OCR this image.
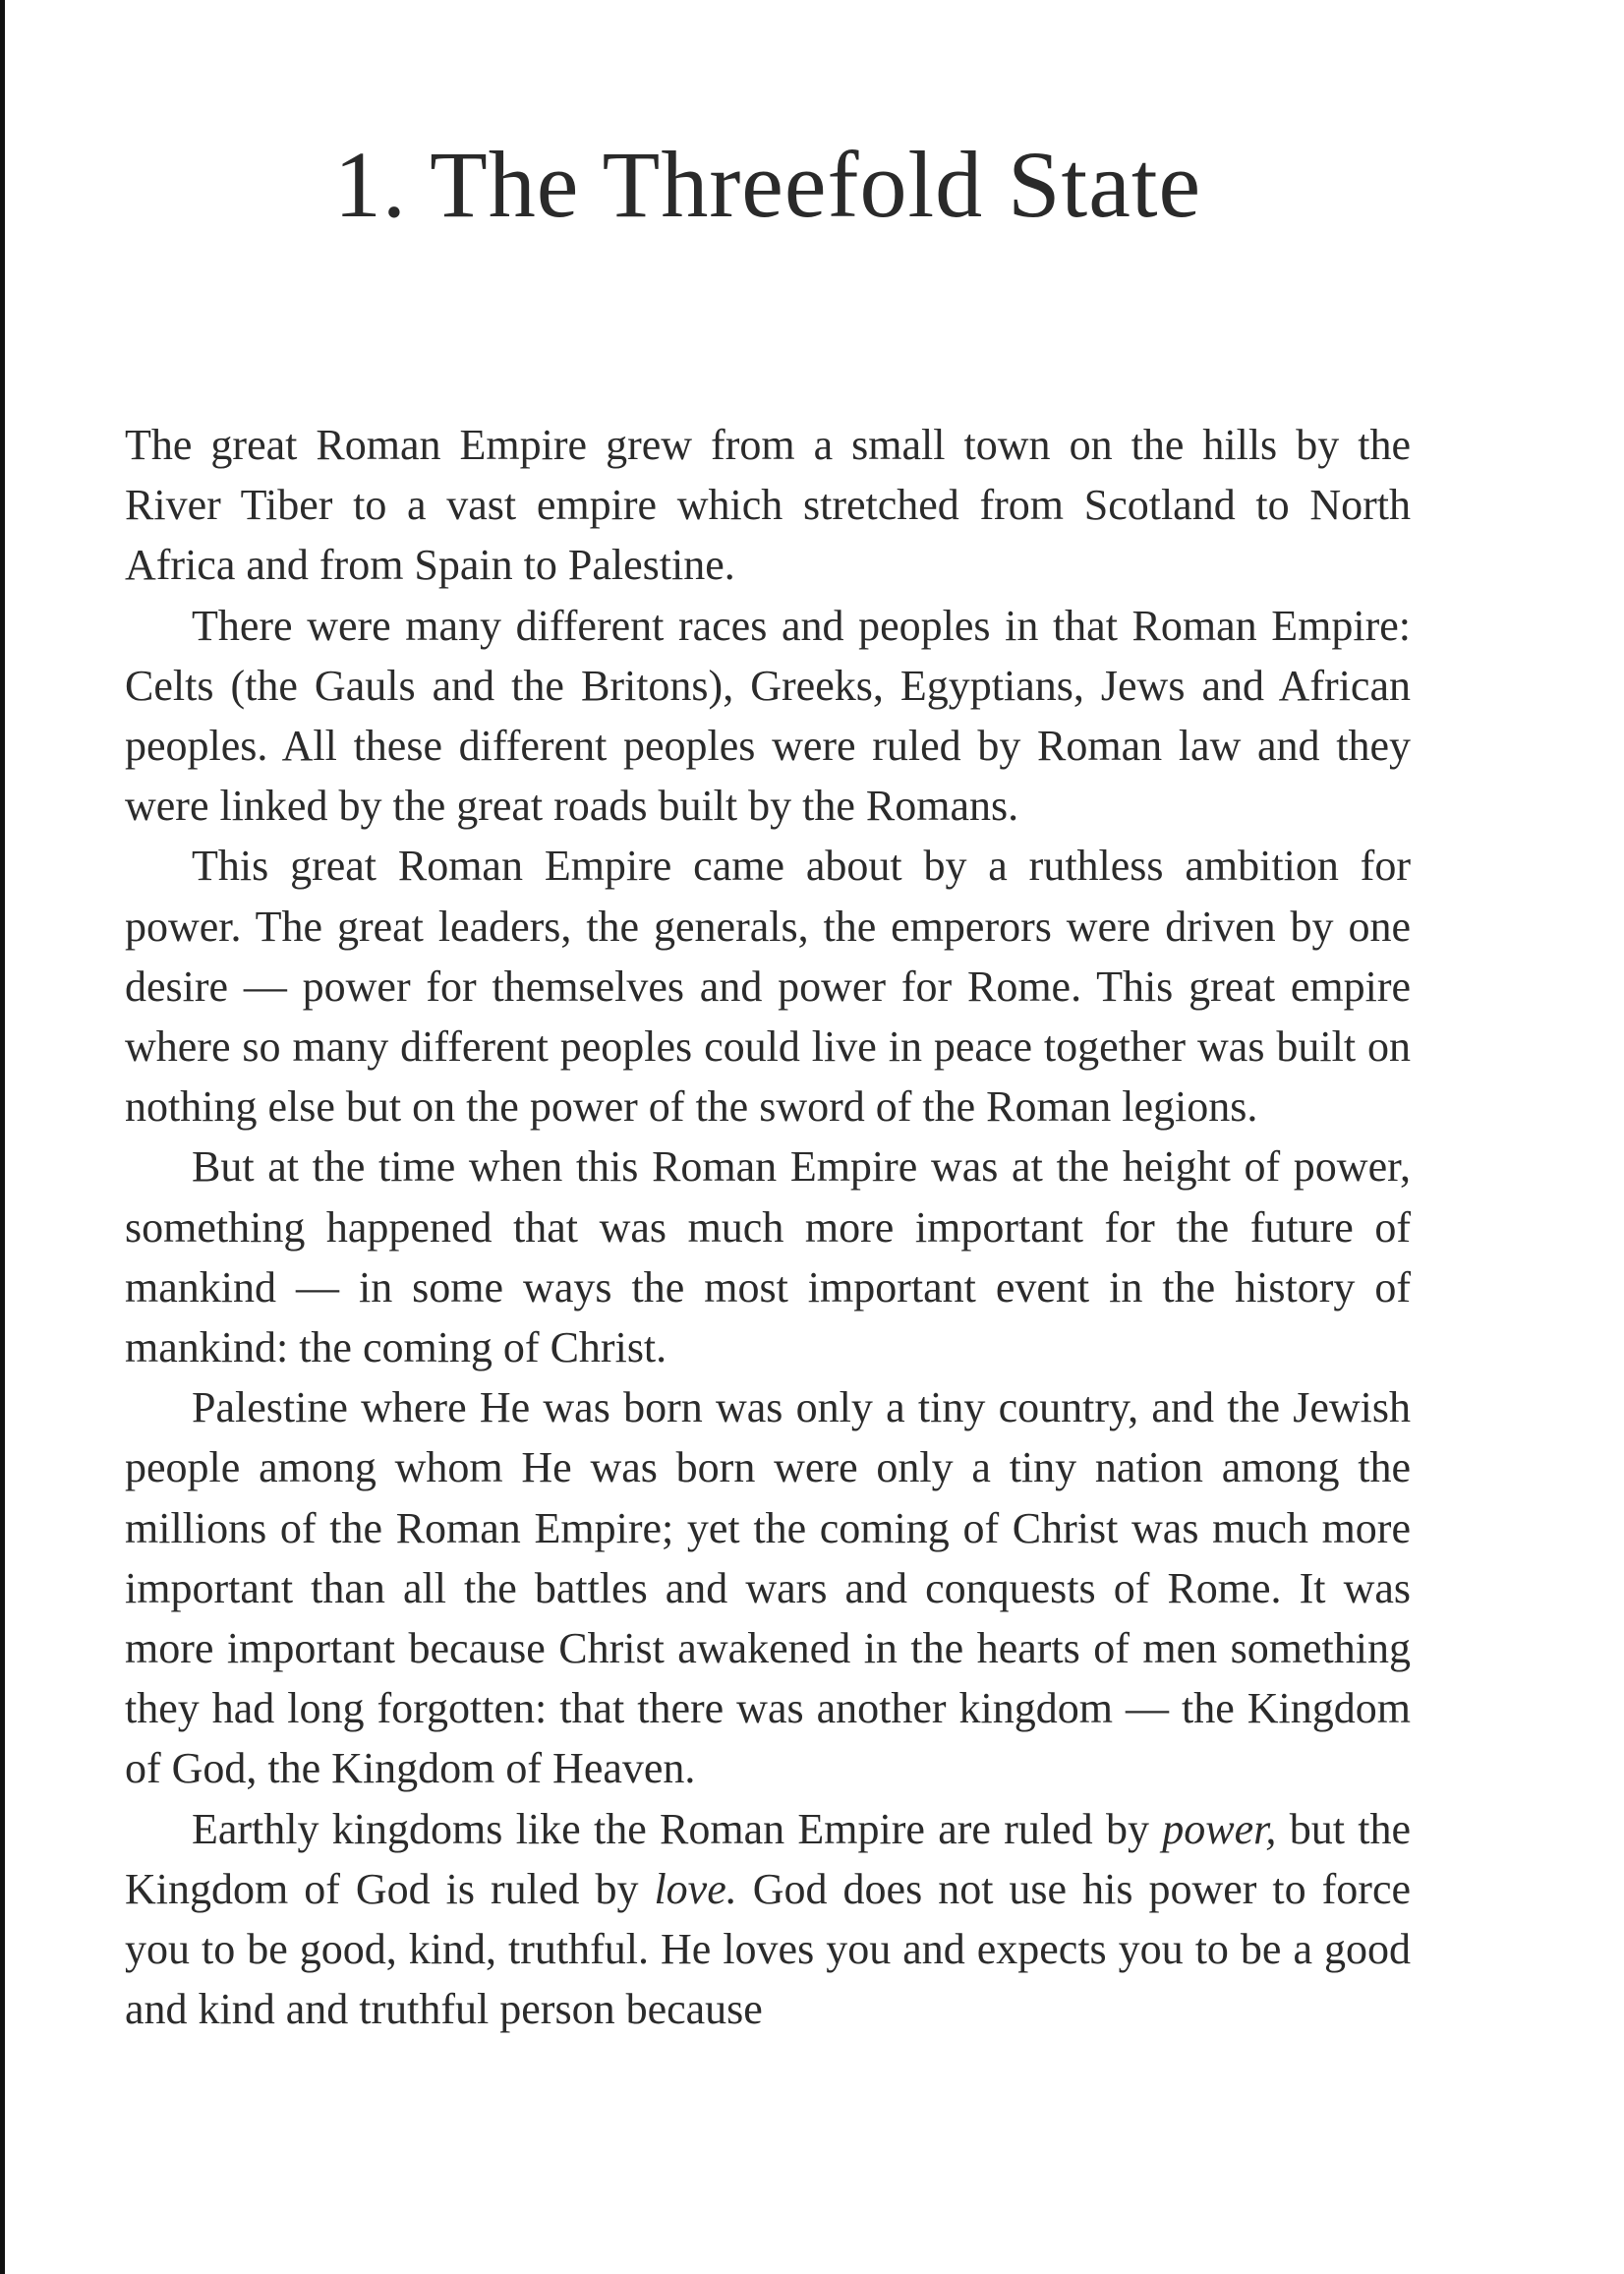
1. The Threefold State

The great Roman Empire grew from a small town on the hills by the River Tiber to a vast empire which stretched from Scotland to North Africa and from Spain to Palestine.

There were many different races and peoples in that Roman Empire: Celts (the Gauls and the Britons), Greeks, Egyptians, Jews and African peoples. All these different peoples were ruled by Roman law and they were linked by the great roads built by the Romans.

This great Roman Empire came about by a ruthless ambition for power. The great leaders, the generals, the emperors were driven by one desire — power for themselves and power for Rome. This great empire where so many different peoples could live in peace together was built on nothing else but on the power of the sword of the Roman legions.

But at the time when this Roman Empire was at the height of power, something happened that was much more important for the future of mankind — in some ways the most important event in the history of mankind: the coming of Christ.

Palestine where He was born was only a tiny country, and the Jewish people among whom He was born were only a tiny nation among the millions of the Roman Empire; yet the coming of Christ was much more important than all the battles and wars and conquests of Rome. It was more important because Christ awakened in the hearts of men something they had long forgotten: that there was another kingdom — the Kingdom of God, the Kingdom of Heaven.

Earthly kingdoms like the Roman Empire are ruled by power, but the Kingdom of God is ruled by love. God does not use his power to force you to be good, kind, truthful. He loves you and expects you to be a good and kind and truthful person because
